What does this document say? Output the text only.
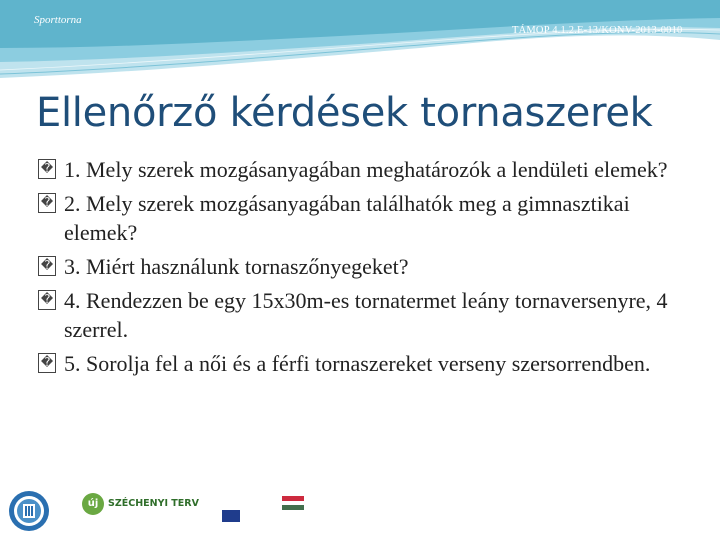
Sporttorna
TÁMOP 4.1.2.E-13/KONV-2013-0010
Ellenőrző kérdések tornaszerek
� 1. Mely szerek mozgásanyagában meghatározók a lendületi elemek?
� 2. Mely szerek mozgásanyagában találhatók meg a gimnasztikai elemek?
� 3. Miért használunk tornaszőnyegeket?
� 4. Rendezzen be egy 15x30m-es tornatermet leány tornaversenyre, 4 szerrel.
� 5. Sorolja fel a női és a férfi tornaszereket verseny szersorrendben.
új	SZÉCHENYI TERV
